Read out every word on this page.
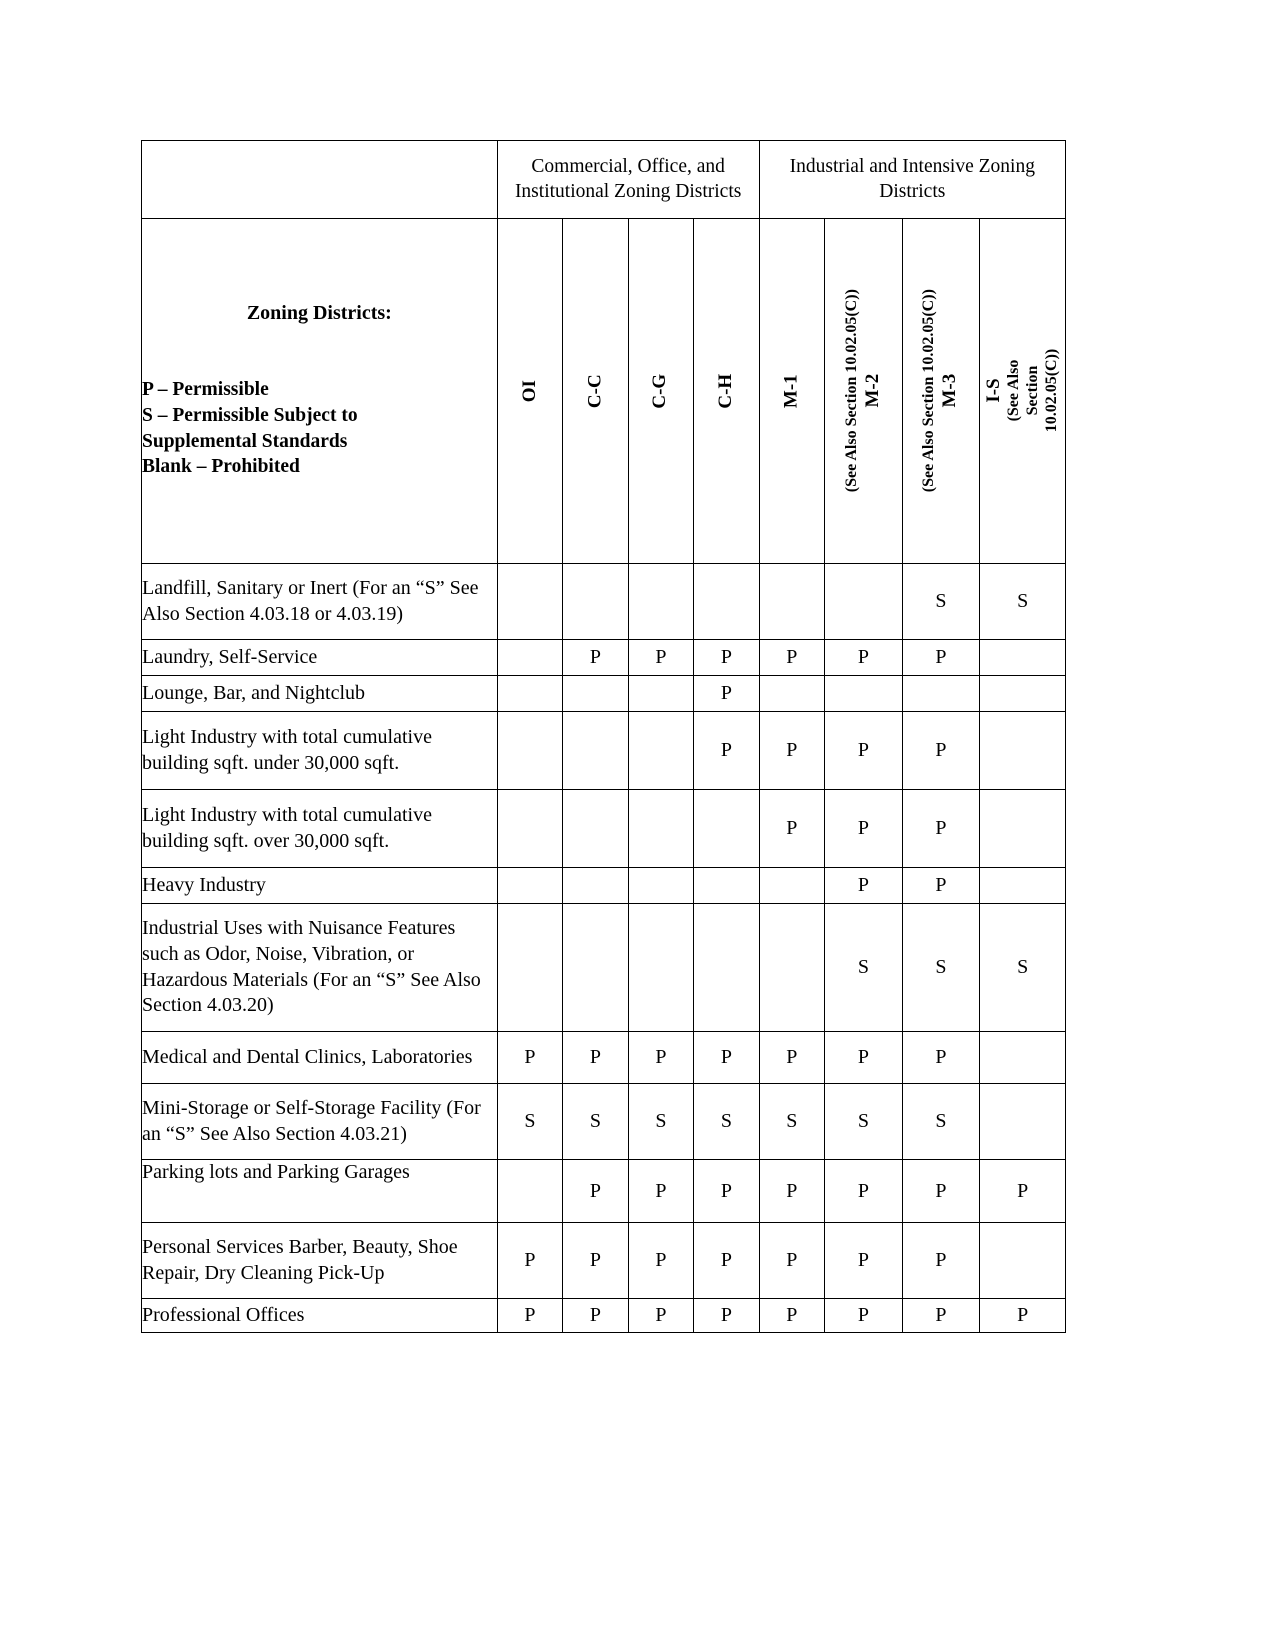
	Commercial, Office, and Institutional Zoning Districts				Industrial and Intensive Zoning Districts			

Zoning Districts:
P – Permissible
S – Permissible Subject to
Supplemental Standards
Blank – Prohibited

OI	C-C	C-G	C-H	M-1	(See Also Section 10.02.05(C)) M-2	(See Also Section 10.02.05(C)) M-3	I-S (See Also Section 10.02.05(C))

Landfill, Sanitary or Inert (For an “S” See Also Section 4.03.18 or 4.03.19)							S	S
Laundry, Self-Service		P	P	P	P	P	P	
Lounge, Bar, and Nightclub				P				
Light Industry with total cumulative building sqft. under 30,000 sqft.				P	P	P	P	
Light Industry with total cumulative building sqft. over 30,000 sqft.					P	P	P	
Heavy Industry						P	P	
Industrial Uses with Nuisance Features such as Odor, Noise, Vibration, or Hazardous Materials (For an “S” See Also Section 4.03.20)						S	S	S
Medical and Dental Clinics, Laboratories	P	P	P	P	P	P	P	
Mini-Storage or Self-Storage Facility (For an “S” See Also Section 4.03.21)	S	S	S	S	S	S	S	
Parking lots and Parking Garages		P	P	P	P	P	P	P
Personal Services Barber, Beauty, Shoe Repair, Dry Cleaning Pick-Up	P	P	P	P	P	P	P	
Professional Offices	P	P	P	P	P	P	P	P
